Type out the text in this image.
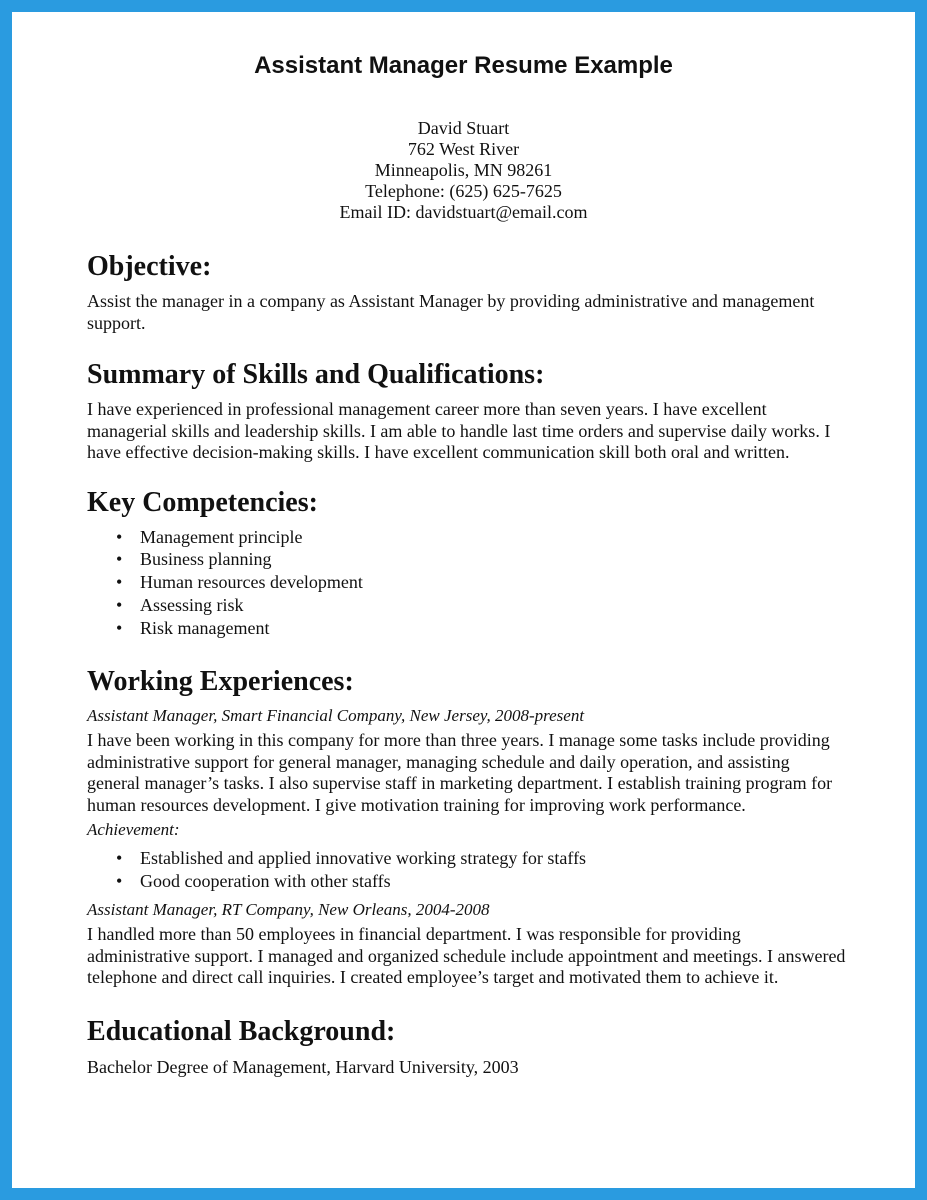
Assistant Manager Resume Example
David Stuart
762 West River
Minneapolis, MN 98261
Telephone: (625) 625-7625
Email ID: davidstuart@email.com
Objective:

Assist the manager in a company as Assistant Manager by providing administrative and management support.

Summary of Skills and Qualifications:

I have experienced in professional management career more than seven years. I have excellent managerial skills and leadership skills. I am able to handle last time orders and supervise daily works. I have effective decision-making skills. I have excellent communication skill both oral and written.

Key Competencies:
• Management principle
• Business planning
• Human resources development
• Assessing risk
• Risk management
Working Experiences:
Assistant Manager, Smart Financial Company, New Jersey, 2008-present

I have been working in this company for more than three years. I manage some tasks include providing administrative support for general manager, managing schedule and daily operation, and assisting general manager’s tasks. I also supervise staff in marketing department. I establish training program for human resources development. I give motivation training for improving work performance.

Achievement:
• Established and applied innovative working strategy for staffs
• Good cooperation with other staffs
Assistant Manager, RT Company, New Orleans, 2004-2008

I handled more than 50 employees in financial department. I was responsible for providing administrative support. I managed and organized schedule include appointment and meetings. I answered telephone and direct call inquiries. I created employee’s target and motivated them to achieve it.

Educational Background:

Bachelor Degree of Management, Harvard University, 2003
